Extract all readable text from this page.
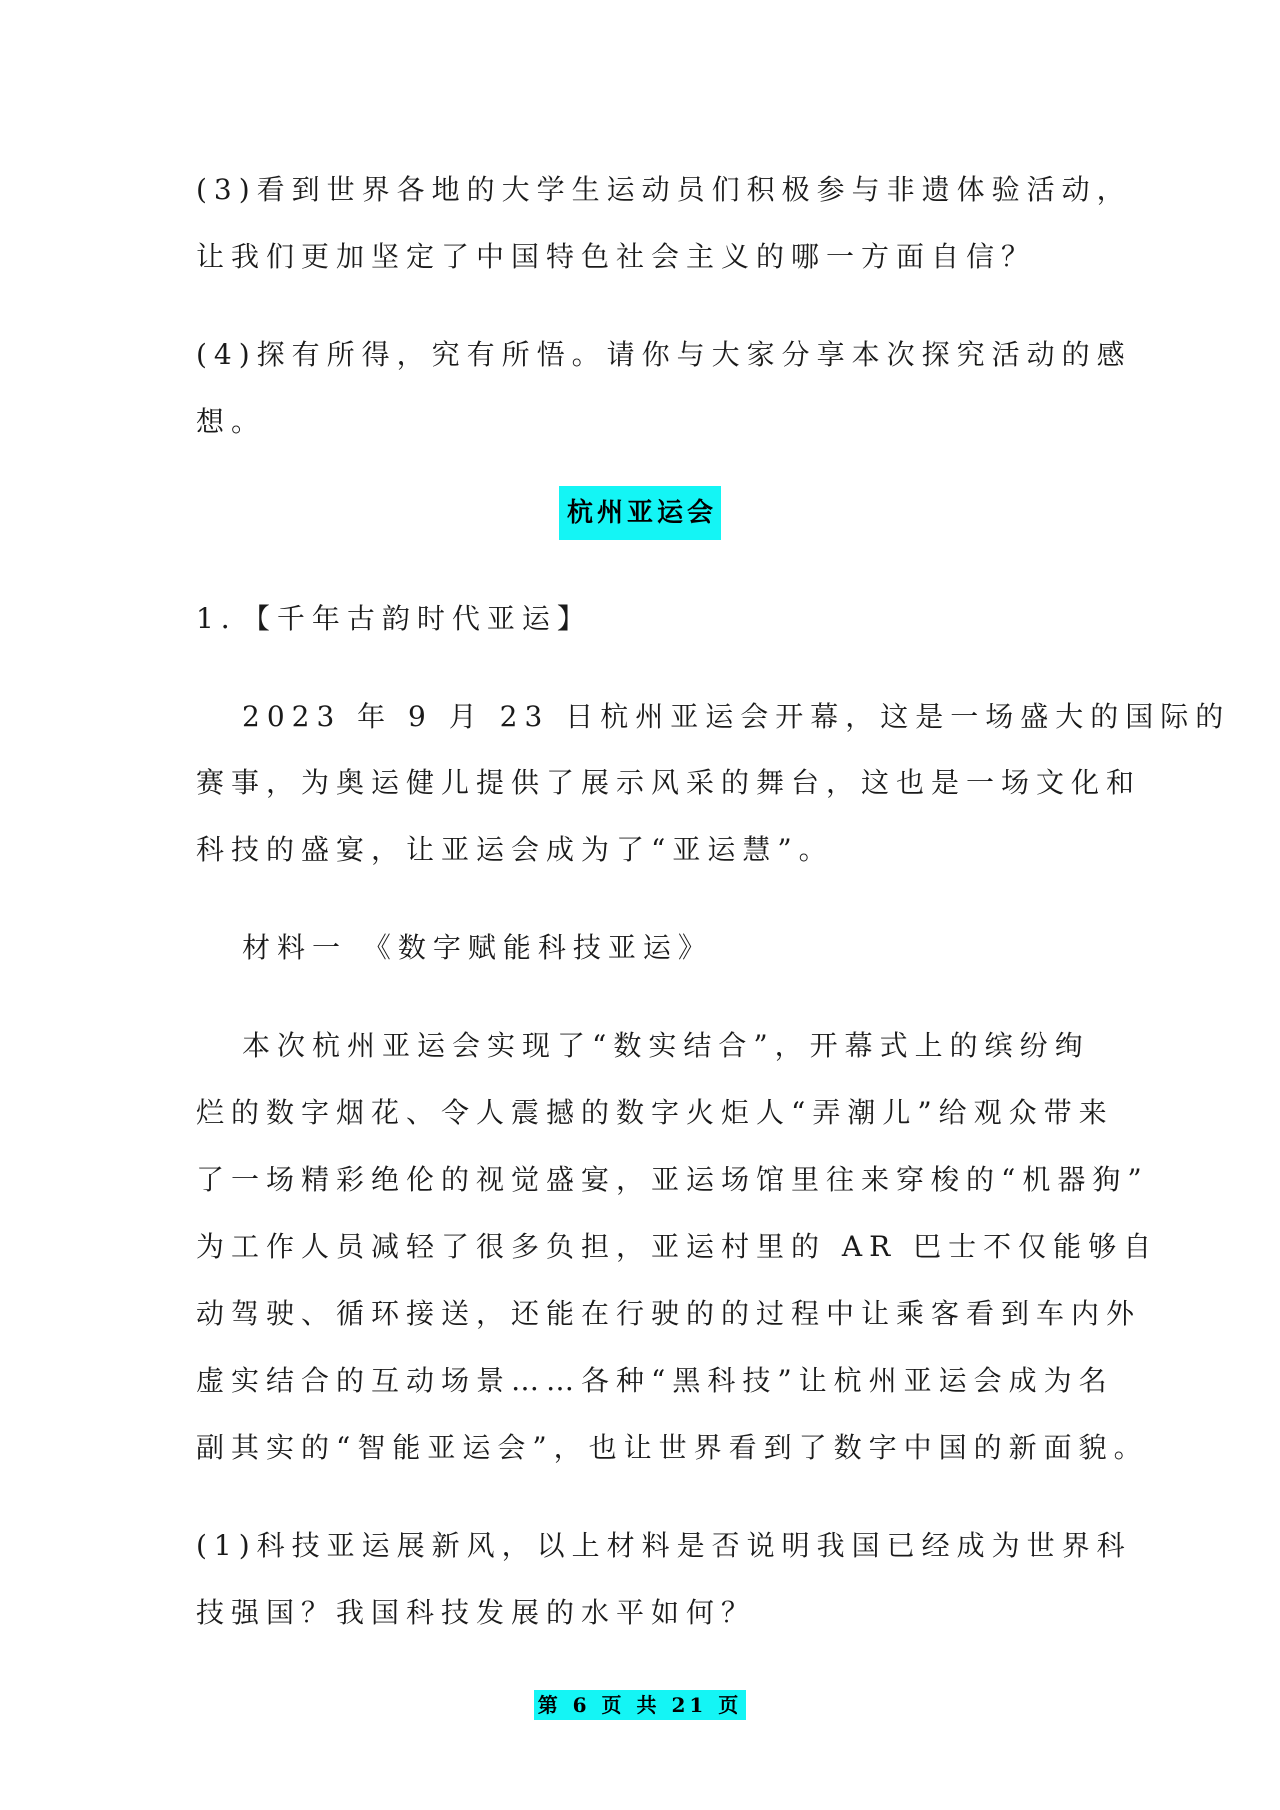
(3)看到世界各地的大学生运动员们积极参与非遗体验活动，
让我们更加坚定了中国特色社会主义的哪一方面自信？
(4)探有所得，究有所悟。请你与大家分享本次探究活动的感
想。
杭州亚运会
1．【千年古韵时代亚运】
2023 年 9 月 23 日杭州亚运会开幕，这是一场盛大的国际的
赛事，为奥运健儿提供了展示风采的舞台，这也是一场文化和
科技的盛宴，让亚运会成为了“亚运慧”。
材料一 《数字赋能科技亚运》
本次杭州亚运会实现了“数实结合”，开幕式上的缤纷绚
烂的数字烟花、令人震撼的数字火炬人“弄潮儿”给观众带来
了一场精彩绝伦的视觉盛宴，亚运场馆里往来穿梭的“机器狗”
为工作人员减轻了很多负担，亚运村里的 AR 巴士不仅能够自
动驾驶、循环接送，还能在行驶的的过程中让乘客看到车内外
虚实结合的互动场景……各种“黑科技”让杭州亚运会成为名
副其实的“智能亚运会”，也让世界看到了数字中国的新面貌。
(1)科技亚运展新风，以上材料是否说明我国已经成为世界科
技强国？我国科技发展的水平如何？
第 6 页 共 21 页
